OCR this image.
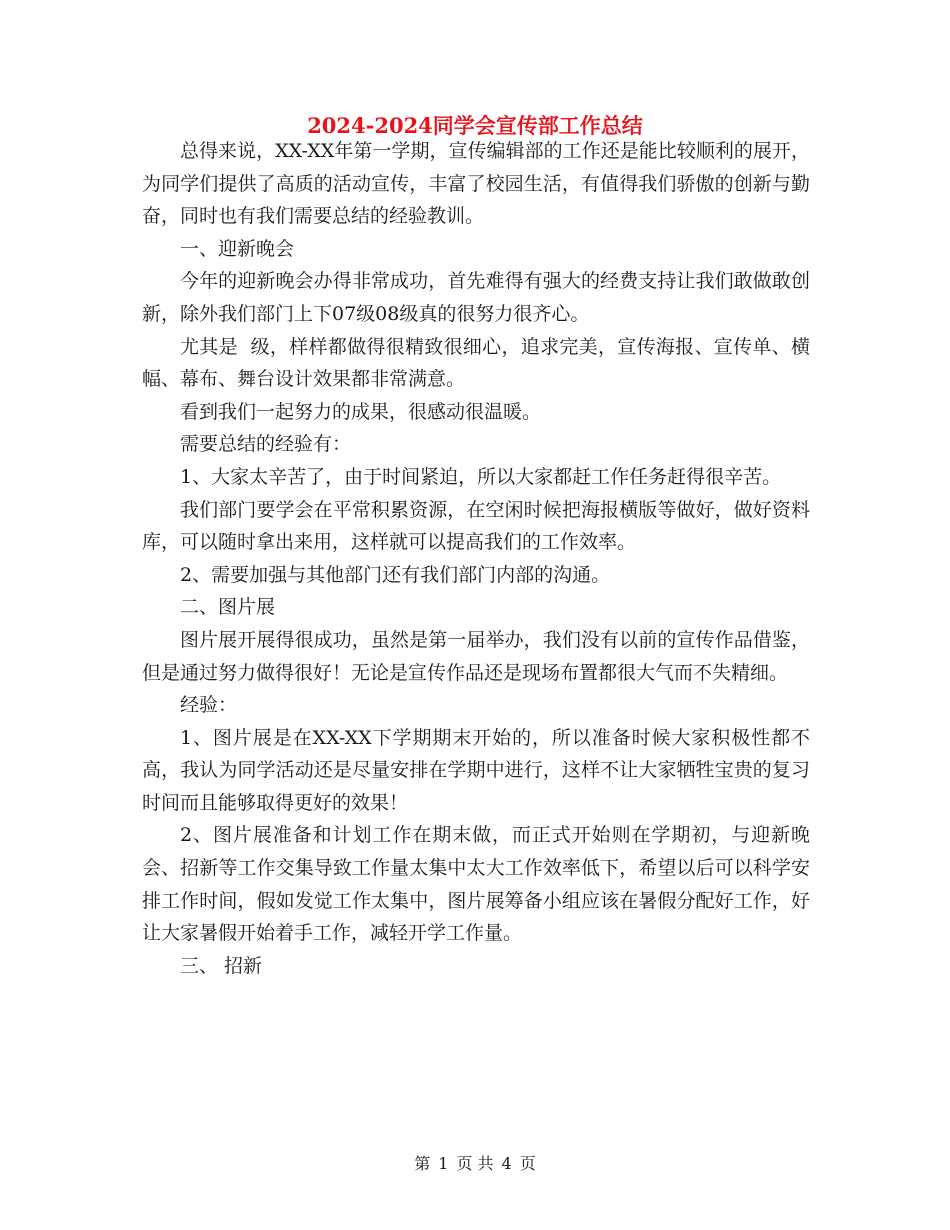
2024-2024同学会宣传部工作总结

总得来说，XX-XX年第一学期，宣传编辑部的工作还是能比较顺利的展开，为同学们提供了高质的活动宣传，丰富了校园生活，有值得我们骄傲的创新与勤奋，同时也有我们需要总结的经验教训。

一、迎新晚会

今年的迎新晚会办得非常成功，首先难得有强大的经费支持让我们敢做敢创新，除外我们部门上下07级08级真的很努力很齐心。

尤其是  级，样样都做得很精致很细心，追求完美，宣传海报、宣传单、横幅、幕布、舞台设计效果都非常满意。

看到我们一起努力的成果，很感动很温暖。

需要总结的经验有：

1、大家太辛苦了，由于时间紧迫，所以大家都赶工作任务赶得很辛苦。

我们部门要学会在平常积累资源，在空闲时候把海报横版等做好，做好资料库，可以随时拿出来用，这样就可以提高我们的工作效率。

2、需要加强与其他部门还有我们部门内部的沟通。

二、图片展

图片展开展得很成功，虽然是第一届举办，我们没有以前的宣传作品借鉴，但是通过努力做得很好！无论是宣传作品还是现场布置都很大气而不失精细。

经验：

1、图片展是在XX-XX下学期期末开始的，所以准备时候大家积极性都不高，我认为同学活动还是尽量安排在学期中进行，这样不让大家牺牲宝贵的复习时间而且能够取得更好的效果！

2、图片展准备和计划工作在期末做，而正式开始则在学期初，与迎新晚会、招新等工作交集导致工作量太集中太大工作效率低下，希望以后可以科学安排工作时间，假如发觉工作太集中，图片展筹备小组应该在暑假分配好工作，好让大家暑假开始着手工作，减轻开学工作量。

三、 招新

第 1 页 共 4 页
